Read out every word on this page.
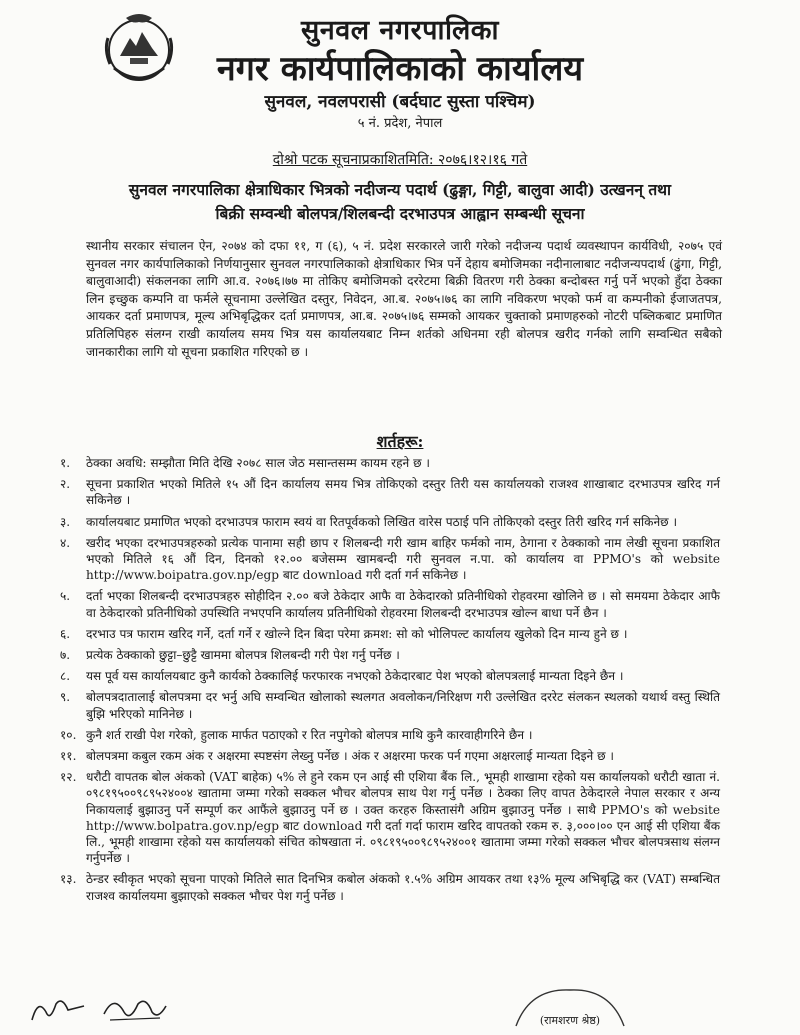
सुनवल नगरपालिका
नगर कार्यपालिकाको कार्यालय
सुनवल, नवलपरासी (बर्दघाट सुस्ता पश्चिम)
५ नं. प्रदेश, नेपाल
दोश्रो पटक सूचनाप्रकाशितमिति: २०७६।१२।१६ गते
सुनवल नगरपालिका क्षेत्राधिकार भित्रको नदीजन्य पदार्थ (ढुङ्गा, गिट्टी, बालुवा आदी) उत्खनन् तथा
बिक्री सम्वन्धी बोलपत्र/शिलबन्दी दरभाउपत्र आह्वान सम्बन्धी सूचना
स्थानीय सरकार संचालन ऐन, २०७४ को दफा ११, ग (६), ५ नं. प्रदेश सरकारले जारी गरेको नदीजन्य पदार्थ व्यवस्थापन कार्यविधी, २०७५ एवं सुनवल नगर कार्यपालिकाको निर्णयानुसार सुनवल नगरपालिकाको क्षेत्राधिकार भित्र पर्ने देहाय बमोजिमका नदीनालाबाट नदीजन्यपदार्थ (ढुंगा, गिट्टी, बालुवाआदी) संकलनका लागि आ.व. २०७६।७७ मा तोकिए बमोजिमको दररेटमा बिक्री वितरण गरी ठेक्का बन्दोबस्त गर्नु पर्ने भएको हुँदा ठेक्का लिन इच्छुक कम्पनि वा फर्मले सूचनामा उल्लेखित दस्तुर, निवेदन, आ.ब. २०७५।७६ का लागि नविकरण भएको फर्म वा कम्पनीको ईजाजतपत्र, आयकर दर्ता प्रमाणपत्र, मूल्य अभिबृद्धिकर दर्ता प्रमाणपत्र, आ.ब. २०७५।७६ सम्मको आयकर चुक्ताको प्रमाणहरुको नोटरी पब्लिकबाट प्रमाणित प्रतिलिपिहरु संलग्न राखी कार्यालय समय भित्र यस कार्यालयबाट निम्न शर्तको अधिनमा रही बोलपत्र खरीद गर्नको लागि सम्वन्धित सबैको जानकारीका लागि यो सूचना प्रकाशित गरिएको छ ।
शर्तहरू:
१. ठेक्का अवधि: सम्झौता मिति देखि २०७८ साल जेठ मसान्तसम्म कायम रहने छ ।
२. सूचना प्रकाशित भएको मितिले १५ औं दिन कार्यालय समय भित्र तोकिएको दस्तुर तिरी यस कार्यालयको राजश्व शाखाबाट दरभाउपत्र खरिद गर्न सकिनेछ ।
३. कार्यालयबाट प्रमाणित भएको दरभाउपत्र फाराम स्वयं वा रितपूर्वकको लिखित वारेस पठाई पनि तोकिएको दस्तुर तिरी खरिद गर्न सकिनेछ ।
४. खरीद भएका दरभाउपत्रहरुको प्रत्येक पानामा सही छाप र शिलबन्दी गरी खाम बाहिर फर्मको नाम, ठेगाना र ठेक्काको नाम लेखी सूचना प्रकाशित भएको मितिले १६ औं दिन, दिनको १२.०० बजेसम्म खामबन्दी गरी सुनवल न.पा. को कार्यालय वा PPMO's को website http://www.boipatra.gov.np/egp बाट download गरी दर्ता गर्न सकिनेछ ।
५. दर्ता भएका शिलबन्दी दरभाउपत्रहरु सोहीदिन २.०० बजे ठेकेदार आफै वा ठेकेदारको प्रतिनीधिको रोहवरमा खोलिने छ । सो समयमा ठेकेदार आफै वा ठेकेदारको प्रतिनीधिको उपस्थिति नभएपनि कार्यालय प्रतिनीधिको रोहवरमा शिलबन्दी दरभाउपत्र खोल्न बाधा पर्ने छैन ।
६. दरभाउ पत्र फाराम खरिद गर्ने, दर्ता गर्ने र खोल्ने दिन बिदा परेमा क्रमश: सो को भोलिपल्ट कार्यालय खुलेको दिन मान्य हुने छ ।
७. प्रत्येक ठेक्काको छुट्टा–छुट्टै खाममा बोलपत्र शिलबन्दी गरी पेश गर्नु पर्नेछ ।
८. यस पूर्व यस कार्यालयबाट कुनै कार्यको ठेक्कालिई फरफारक नभएको ठेकेदारबाट पेश भएको बोलपत्रलाई मान्यता दिइने छैन ।
९. बोलपत्रदातालाई बोलपत्रमा दर भर्नु अघि सम्वन्धित खोलाको स्थलगत अवलोकन/निरिक्षण गरी उल्लेखित दररेट संलकन स्थलको यथार्थ वस्तु स्थिति बुझि भरिएको मानिनेछ ।
१०. कुनै शर्त राखी पेश गरेको, हुलाक मार्फत पठाएको र रित नपुगेको बोलपत्र माथि कुनै कारवाहीगरिने छैन ।
११. बोलपत्रमा कबुल रकम अंक र अक्षरमा स्पष्टसंग लेख्नु पर्नेछ । अंक र अक्षरमा फरक पर्न गएमा अक्षरलाई मान्यता दिइने छ ।
१२. धरौटी वापतक बोल अंकको (VAT बाहेक) ५% ले हुने रकम एन आई सी एशिया बैंक लि., भूमही शाखामा रहेको यस कार्यालयको धरौटी खाता नं. ०९८१९५००९८९५२४००४ खातामा जम्मा गरेको सक्कल भौचर बोलपत्र साथ पेश गर्नु पर्नेछ । ठेक्का लिए वापत ठेकेदारले नेपाल सरकार र अन्य निकायलाई बुझाउनु पर्ने सम्पूर्ण कर आफैंले बुझाउनु पर्ने छ । उक्त करहरु किस्तासंगै अग्रिम बुझाउनु पर्नेछ । साथै PPMO's को website http://www.bolpatra.gov.np/egp बाट download गरी दर्ता गर्दा फाराम खरिद वापतको रकम रु. ३,०००।०० एन आई सी एशिया बैंक लि., भूमही शाखामा रहेको यस कार्यालयको संचित कोषखाता नं. ०९८१९५००९८९५२४००१ खातामा जम्मा गरेको सक्कल भौचर बोलपत्रसाथ संलग्न गर्नुपर्नेछ ।
१३. ठेन्डर स्वीकृत भएको सूचना पाएको मितिले सात दिनभित्र कबोल अंकको १.५% अग्रिम आयकर तथा १३% मूल्य अभिबृद्धि कर (VAT) सम्बन्धित राजश्व कार्यालयमा बुझाएको सक्कल भौचर पेश गर्नु पर्नेछ ।
(रामशरण श्रेष्ठ)
